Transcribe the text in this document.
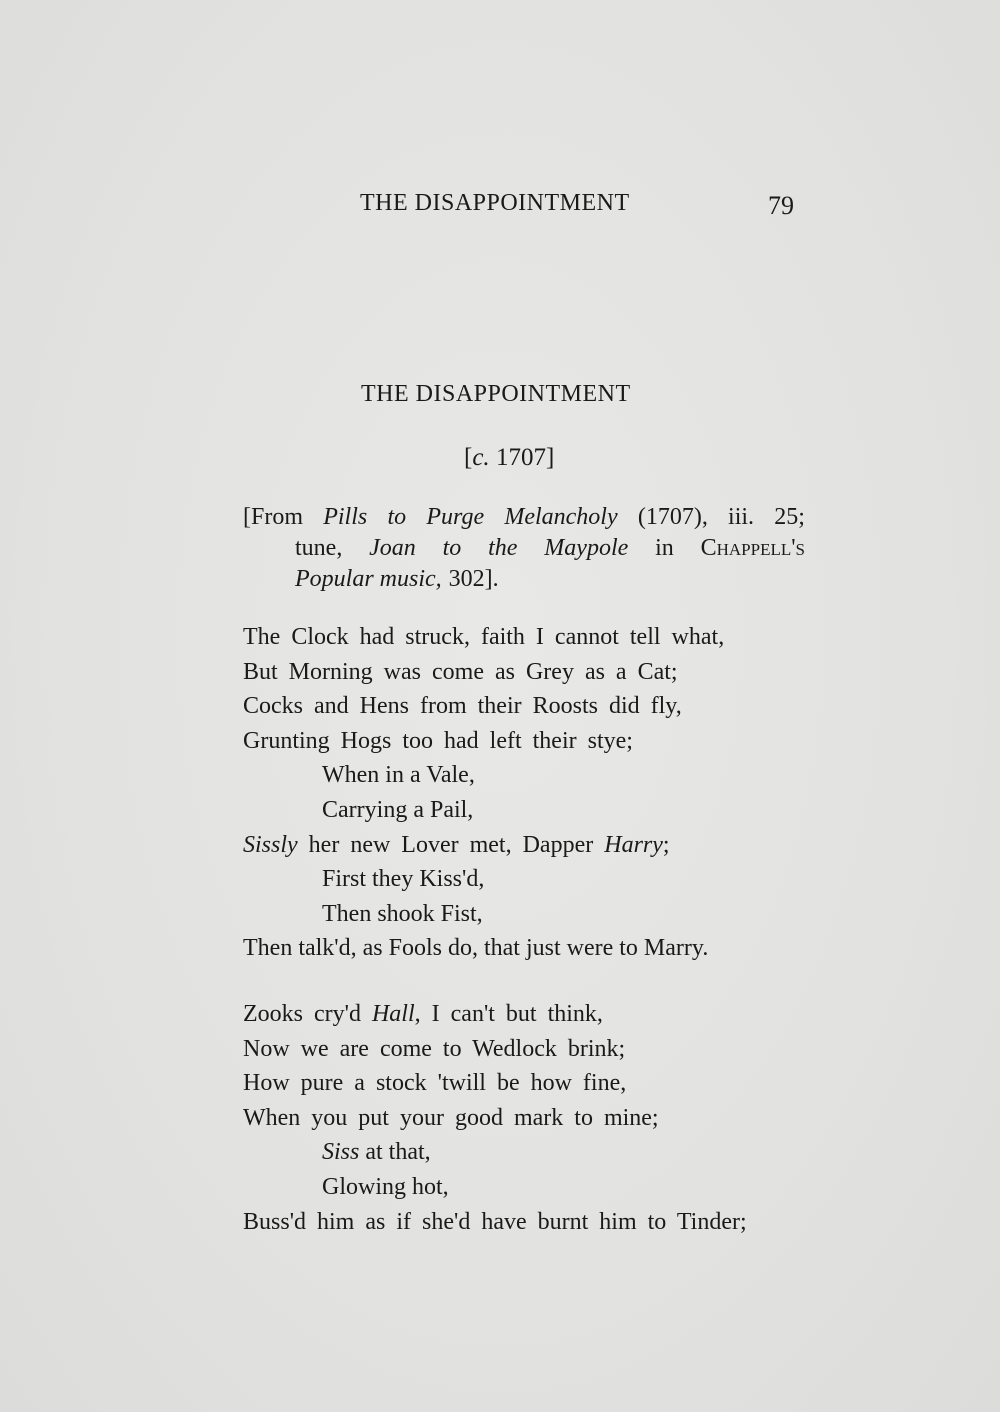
THE DISAPPOINTMENT	79
THE DISAPPOINTMENT
[c. 1707]
[From Pills to Purge Melancholy (1707), iii. 25;
tune, Joan to the Maypole in Chappell's
Popular music, 302].
The Clock had struck, faith I cannot tell what,
But Morning was come as Grey as a Cat;
Cocks and Hens from their Roosts did fly,
Grunting Hogs too had left their stye;
When in a Vale,
Carrying a Pail,
Sissly her new Lover met, Dapper Harry;
First they Kiss'd,
Then shook Fist,
Then talk'd, as Fools do, that just were to Marry.
Zooks cry'd Hall, I can't but think,
Now we are come to Wedlock brink;
How pure a stock 'twill be how fine,
When you put your good mark to mine;
Siss at that,
Glowing hot,
Buss'd him as if she'd have burnt him to Tinder;
